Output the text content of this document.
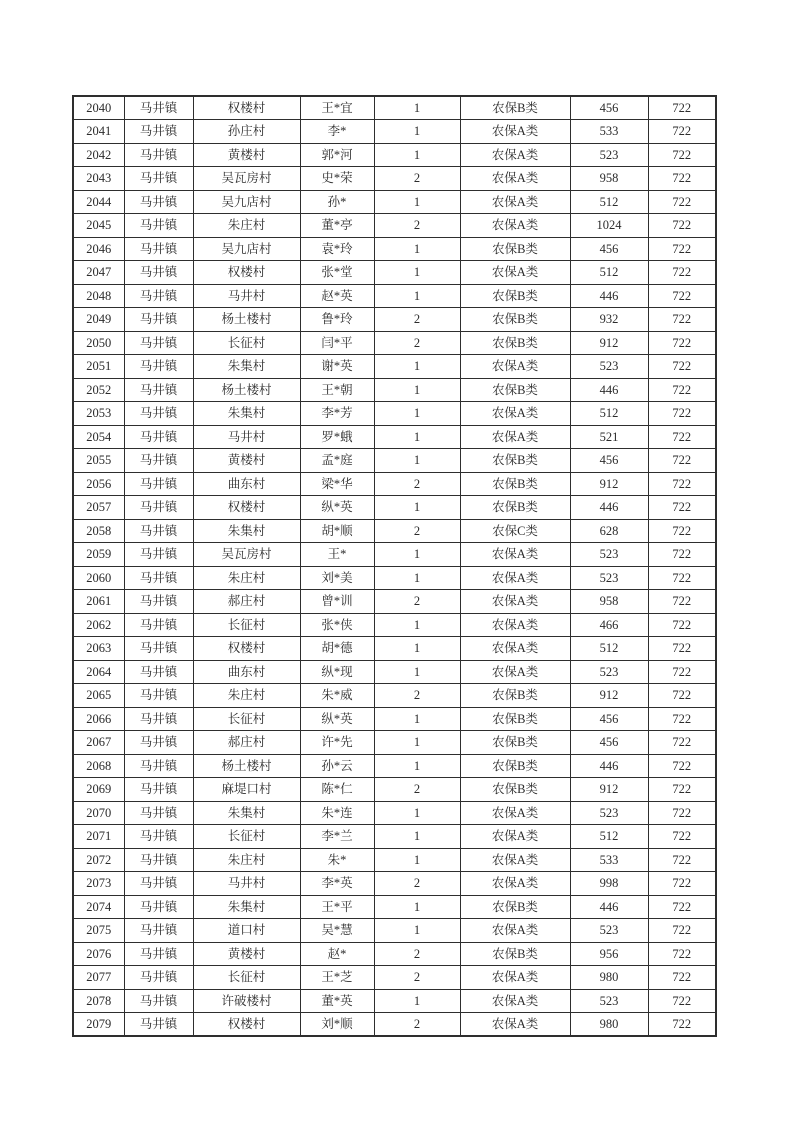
2040	马井镇	权楼村	王*宜	1	农保B类	456	722
2041	马井镇	孙庄村	李*	1	农保A类	533	722
2042	马井镇	黄楼村	郭*河	1	农保A类	523	722
2043	马井镇	吴瓦房村	史*荣	2	农保A类	958	722
2044	马井镇	吴九店村	孙*	1	农保A类	512	722
2045	马井镇	朱庄村	董*亭	2	农保A类	1024	722
2046	马井镇	吴九店村	袁*玲	1	农保B类	456	722
2047	马井镇	权楼村	张*堂	1	农保A类	512	722
2048	马井镇	马井村	赵*英	1	农保B类	446	722
2049	马井镇	杨土楼村	鲁*玲	2	农保B类	932	722
2050	马井镇	长征村	闫*平	2	农保B类	912	722
2051	马井镇	朱集村	谢*英	1	农保A类	523	722
2052	马井镇	杨土楼村	王*朝	1	农保B类	446	722
2053	马井镇	朱集村	李*芳	1	农保A类	512	722
2054	马井镇	马井村	罗*蛾	1	农保A类	521	722
2055	马井镇	黄楼村	孟*庭	1	农保B类	456	722
2056	马井镇	曲东村	梁*华	2	农保B类	912	722
2057	马井镇	权楼村	纵*英	1	农保B类	446	722
2058	马井镇	朱集村	胡*顺	2	农保C类	628	722
2059	马井镇	吴瓦房村	王*	1	农保A类	523	722
2060	马井镇	朱庄村	刘*美	1	农保A类	523	722
2061	马井镇	郝庄村	曾*训	2	农保A类	958	722
2062	马井镇	长征村	张*侠	1	农保A类	466	722
2063	马井镇	权楼村	胡*德	1	农保A类	512	722
2064	马井镇	曲东村	纵*现	1	农保A类	523	722
2065	马井镇	朱庄村	朱*威	2	农保B类	912	722
2066	马井镇	长征村	纵*英	1	农保B类	456	722
2067	马井镇	郝庄村	许*先	1	农保B类	456	722
2068	马井镇	杨土楼村	孙*云	1	农保B类	446	722
2069	马井镇	麻堤口村	陈*仁	2	农保B类	912	722
2070	马井镇	朱集村	朱*连	1	农保A类	523	722
2071	马井镇	长征村	李*兰	1	农保A类	512	722
2072	马井镇	朱庄村	朱*	1	农保A类	533	722
2073	马井镇	马井村	李*英	2	农保A类	998	722
2074	马井镇	朱集村	王*平	1	农保B类	446	722
2075	马井镇	道口村	吴*慧	1	农保A类	523	722
2076	马井镇	黄楼村	赵*	2	农保B类	956	722
2077	马井镇	长征村	王*芝	2	农保A类	980	722
2078	马井镇	许破楼村	董*英	1	农保A类	523	722
2079	马井镇	权楼村	刘*顺	2	农保A类	980	722
